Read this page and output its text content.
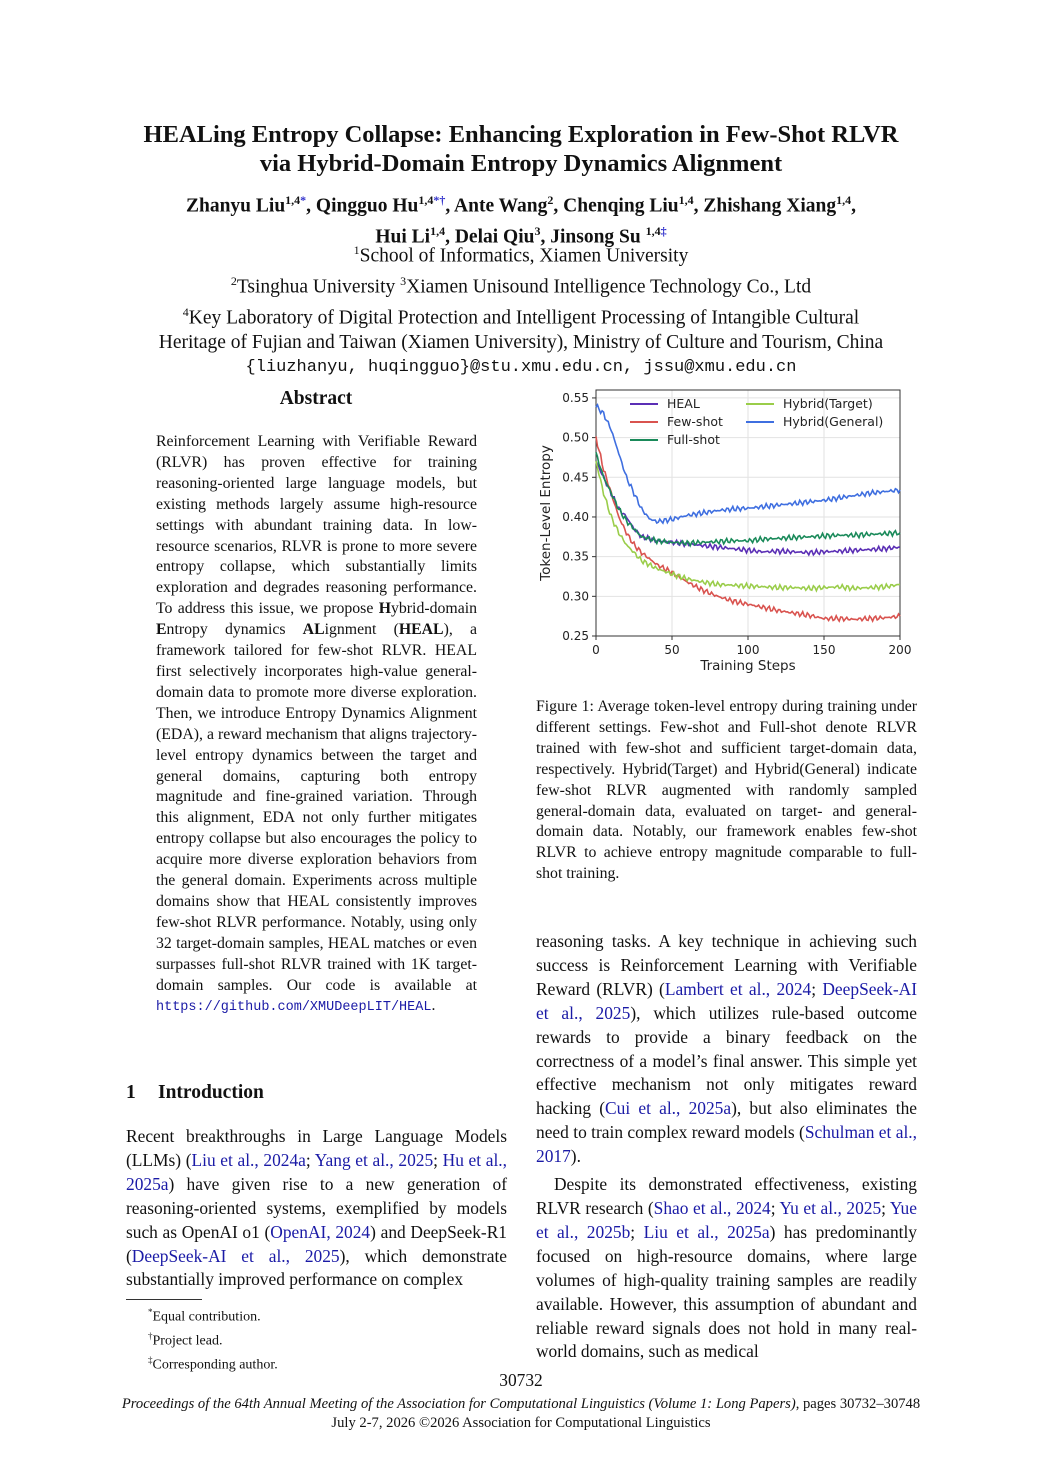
HEALing Entropy Collapse: Enhancing Exploration in Few-Shot RLVR
via Hybrid-Domain Entropy Dynamics Alignment
Zhanyu Liu$^{1,4*}$, Qingguo $Hu^{1,4*\dagger}$, Ante Wang$^2$, Chenqing Liu$^{1,4}$, Zhishang Xiang$^{1,4}$,
Hui Li$^{1,4}$, Delai Qiu$^3$, Jinsong Su $^{1,4\ddagger}$
$^1$School of Informatics, Xiamen University
$^2$Tsinghua University $^3$Xiamen Unisound Intelligence Technology Co., Ltd
$^4$Key Laboratory of Digital Protection and Intelligent Processing of Intangible Cultural
Heritage of Fujian and Taiwan (Xiamen University), Ministry of Culture and Tourism, China
{liuzhanyu, huqingguo}@stu.xmu.edu.cn, jssu@xmu.edu.cn
Abstract
Reinforcement Learning with Verifiable Reward (RLVR) has proven effective for training reasoning-oriented large language models, but existing methods largely assume high-resource settings with abundant training data. In low-resource scenarios, RLVR is prone to more severe entropy collapse, which substantially limits exploration and degrades reasoning performance. To address this issue, we propose Hybrid-domain Entropy dynamics ALignment (HEAL), a framework tailored for few-shot RLVR. HEAL first selectively incorporates high-value general-domain data to promote more diverse exploration. Then, we introduce Entropy Dynamics Alignment (EDA), a reward mechanism that aligns trajectory-level entropy dynamics between the target and general domains, capturing both entropy magnitude and fine-grained variation. Through this alignment, EDA not only further mitigates entropy collapse but also encourages the policy to acquire more diverse exploration behaviors from the general domain. Experiments across multiple domains show that HEAL consistently improves few-shot RLVR performance. Notably, using only 32 target-domain samples, HEAL matches or even surpasses full-shot RLVR trained with 1K target-domain samples. Our code is available at https://github.com/XMUDeepLIT/HEAL.
1 Introduction
Recent breakthroughs in Large Language Models (LLMs) (Liu et al., 2024a; Yang et al., 2025; Hu et al., 2025a) have given rise to a new generation of reasoning-oriented systems, exemplified by models such as OpenAI o1 (OpenAI, 2024) and DeepSeek-R1 (DeepSeek-AI et al., 2025), which demonstrate substantially improved performance on complex
reasoning tasks. A key technique in achieving such success is Reinforcement Learning with Verifiable Reward (RLVR) (Lambert et al., 2024; DeepSeek-AI et al., 2025), which utilizes rule-based outcome rewards to provide a binary feedback on the correctness of a model’s final answer. This simple yet effective mechanism not only mitigates reward hacking (Cui et al., 2025a), but also eliminates the need to train complex reward models (Schulman et al., 2017).
Despite its demonstrated effectiveness, existing RLVR research (Shao et al., 2024; Yu et al., 2025; Yue et al., 2025b; Liu et al., 2025a) has predominantly focused on high-resource domains, where large volumes of high-quality training samples are readily available. However, this assumption of abundant and reliable reward signals does not hold in many real-world domains, such as medical
*Equal contribution.
†Project lead.
‡Corresponding author.
30732
Proceedings of the 64th Annual Meeting of the Association for Computational Linguistics (Volume 1: Long Papers), pages 30732–30748
July 2-7, 2026 ©2026 Association for Computational Linguistics
0.25
0.30
0.35
0.40
0.45
0.50
0.55
0	50	100	150	200
Training Steps
Token-Level Entropy
HEAL
Few-shot
Full-shot
Hybrid(Target)
Hybrid(General)
Figure 1: Average token-level entropy during training under different settings. Few-shot and Full-shot denote RLVR trained with few-shot and sufficient target-domain data, respectively. Hybrid(Target) and Hybrid(General) indicate few-shot RLVR augmented with randomly sampled general-domain data, evaluated on target- and general-domain data. Notably, our framework enables few-shot RLVR to achieve entropy magnitude comparable to full-shot training.
